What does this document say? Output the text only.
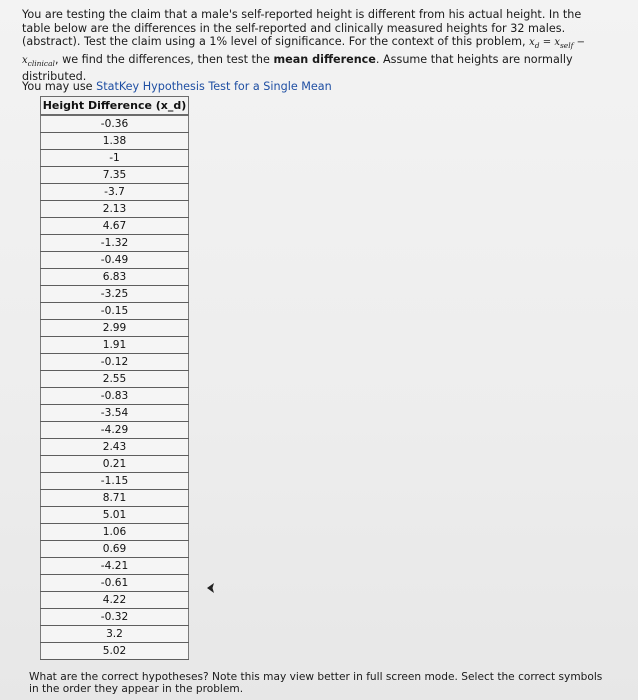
You are testing the claim that a male's self-reported height is different from his actual height. In the table below are the differences in the self-reported and clinically measured heights for 32 males. (abstract). Test the claim using a 1% level of significance. For the context of this problem, $x_d = x_{self} - x_{clinical}$, we find the differences, then test the mean difference. Assume that heights are normally distributed.
You may use StatKey Hypothesis Test for a Single Mean
Height Difference (x_d)
-0.36
1.38
-1
7.35
-3.7
2.13
4.67
-1.32
-0.49
6.83
-3.25
-0.15
2.99
1.91
-0.12
2.55
-0.83
-3.54
-4.29
2.43
0.21
-1.15
8.71
5.01
1.06
0.69
-4.21
-0.61
4.22
-0.32
3.2
5.02
What are the correct hypotheses? Note this may view better in full screen mode. Select the correct symbols in the order they appear in the problem.
